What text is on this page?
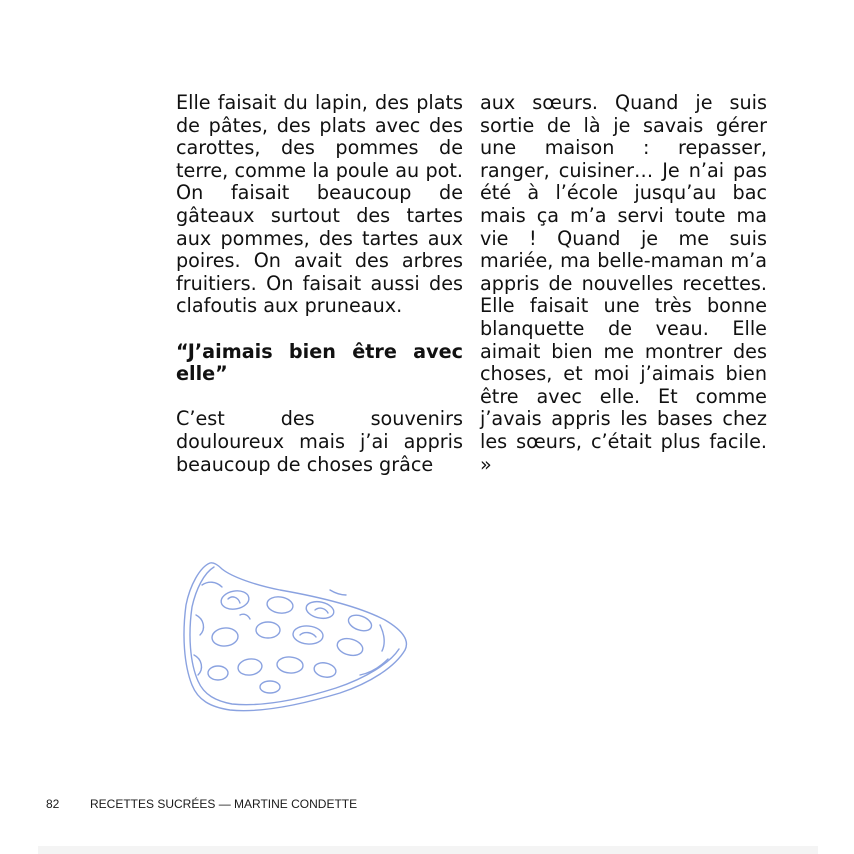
Elle faisait du lapin, des plats de pâtes, des plats avec des carottes, des pommes de terre, comme la poule au pot. On faisait beaucoup de gâteaux surtout des tartes aux pommes, des tartes aux poires. On avait des arbres fruitiers. On faisait aussi des clafoutis aux pruneaux.

“J’aimais bien être avec elle”

C’est des souvenirs douloureux mais j’ai appris beaucoup de choses grâce

aux sœurs. Quand je suis sortie de là je savais gérer une maison : repasser, ranger, cuisiner… Je n’ai pas été à l’école jusqu’au bac mais ça m’a servi toute ma vie ! Quand je me suis mariée, ma belle-maman m’a appris de nouvelles recettes. Elle faisait une très bonne blanquette de veau. Elle aimait bien me montrer des choses, et moi j’aimais bien être avec elle. Et comme j’avais appris les bases chez les sœurs, c’était plus facile. »

82	RECETTES SUCRÉES — MARTINE CONDETTE
